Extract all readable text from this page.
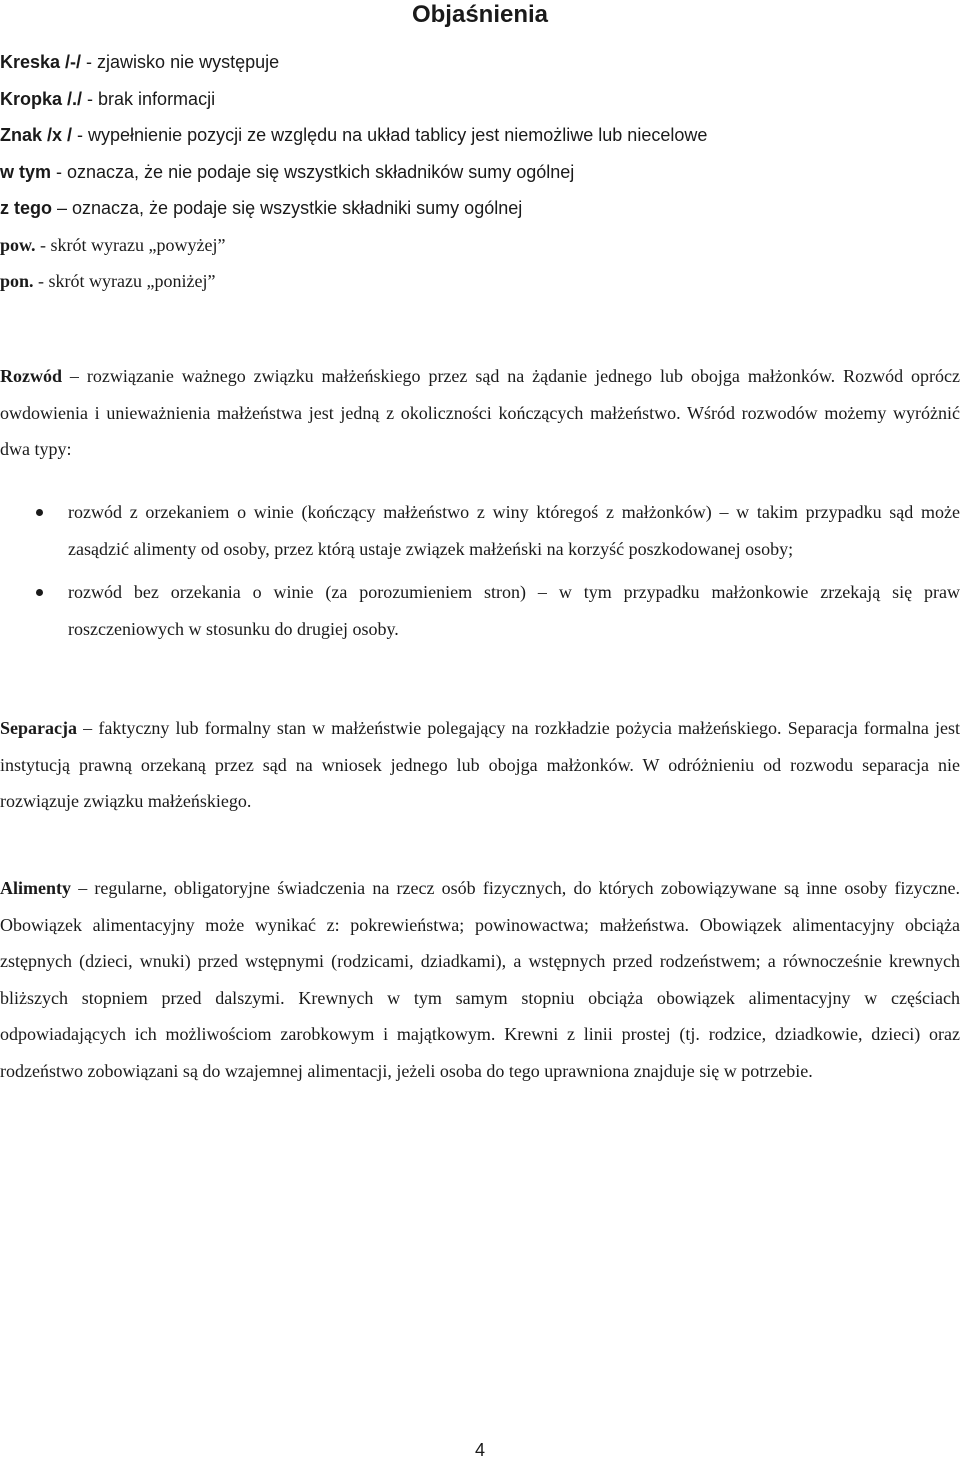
Objaśnienia
Kreska /-/ - zjawisko nie występuje
Kropka /./ - brak informacji
Znak /x / - wypełnienie pozycji ze względu na układ tablicy jest niemożliwe lub niecelowe
w tym - oznacza, że nie podaje się wszystkich składników sumy ogólnej
z tego – oznacza, że podaje się wszystkie składniki sumy ogólnej
pow. - skrót wyrazu „powyżej”
pon. - skrót wyrazu „poniżej”

Rozwód – rozwiązanie ważnego związku małżeńskiego przez sąd na żądanie jednego lub obojga małżonków. Rozwód oprócz owdowienia i unieważnienia małżeństwa jest jedną z okoliczności kończących małżeństwo. Wśród rozwodów możemy wyróżnić dwa typy:

rozwód z orzekaniem o winie (kończący małżeństwo z winy któregoś z małżonków) – w takim przypadku sąd może zasądzić alimenty od osoby, przez którą ustaje związek małżeński na korzyść poszkodowanej osoby;
rozwód bez orzekania o winie (za porozumieniem stron) – w tym przypadku małżonkowie zrzekają się praw roszczeniowych w stosunku do drugiej osoby.

Separacja – faktyczny lub formalny stan w małżeństwie polegający na rozkładzie pożycia małżeńskiego. Separacja formalna jest instytucją prawną orzekaną przez sąd na wniosek jednego lub obojga małżonków. W odróżnieniu od rozwodu separacja nie rozwiązuje związku małżeńskiego.

Alimenty – regularne, obligatoryjne świadczenia na rzecz osób fizycznych, do których zobowiązywane są inne osoby fizyczne. Obowiązek alimentacyjny może wynikać z: pokrewieństwa; powinowactwa; małżeństwa. Obowiązek alimentacyjny obciąża zstępnych (dzieci, wnuki) przed wstępnymi (rodzicami, dziadkami), a wstępnych przed rodzeństwem; a równocześnie krewnych bliższych stopniem przed dalszymi. Krewnych w tym samym stopniu obciąża obowiązek alimentacyjny w częściach odpowiadających ich możliwościom zarobkowym i majątkowym. Krewni z linii prostej (tj. rodzice, dziadkowie, dzieci) oraz rodzeństwo zobowiązani są do wzajemnej alimentacji, jeżeli osoba do tego uprawniona znajduje się w potrzebie.

4
